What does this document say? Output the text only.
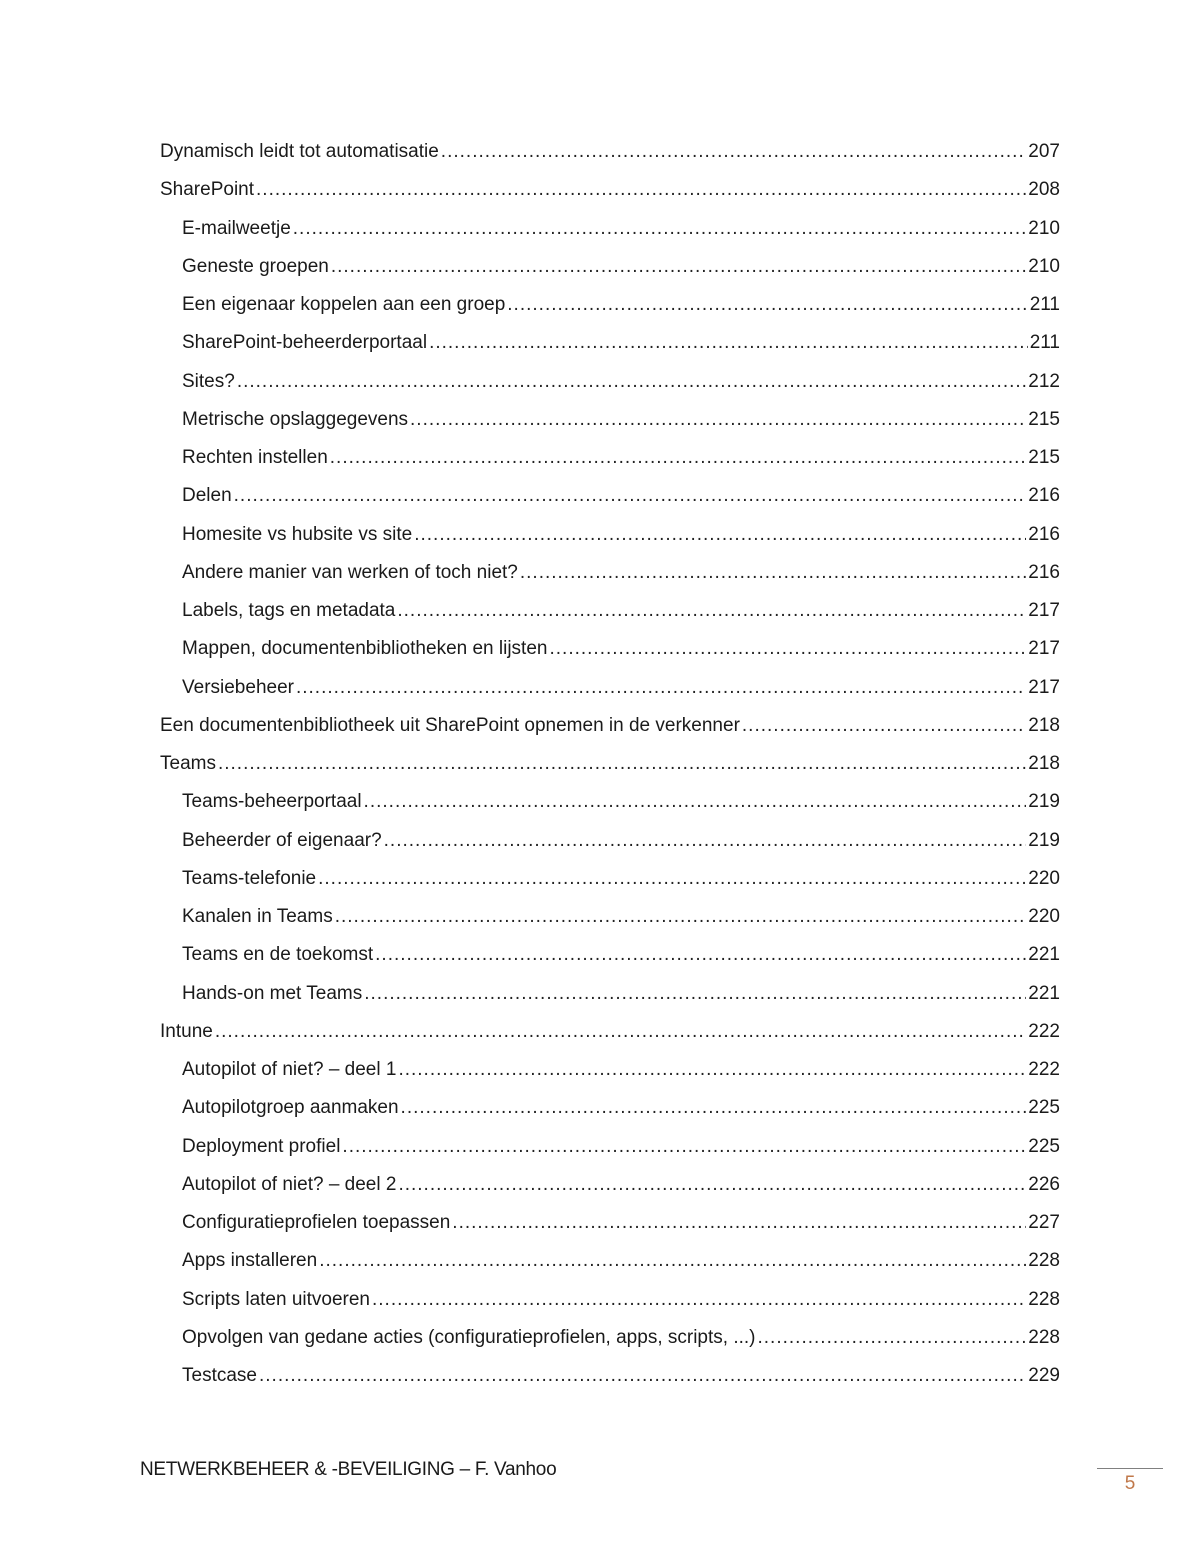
Dynamisch leidt tot automatisatie .....	207
SharePoint .....	208
E-mailweetje .....	210
Geneste groepen .....	210
Een eigenaar koppelen aan een groep .....	211
SharePoint-beheerderportaal .....	211
Sites? .....	212
Metrische opslaggegevens .....	215
Rechten instellen .....	215
Delen .....	216
Homesite vs hubsite vs site .....	216
Andere manier van werken of toch niet? .....	216
Labels, tags en metadata .....	217
Mappen, documentenbibliotheken en lijsten .....	217
Versiebeheer .....	217
Een documentenbibliotheek uit SharePoint opnemen in de verkenner .....	218
Teams .....	218
Teams-beheerportaal .....	219
Beheerder of eigenaar? .....	219
Teams-telefonie .....	220
Kanalen in Teams .....	220
Teams en de toekomst .....	221
Hands-on met Teams .....	221
Intune .....	222
Autopilot of niet? – deel 1 .....	222
Autopilotgroep aanmaken .....	225
Deployment profiel .....	225
Autopilot of niet? – deel 2 .....	226
Configuratieprofielen toepassen .....	227
Apps installeren .....	228
Scripts laten uitvoeren .....	228
Opvolgen van gedane acties (configuratieprofielen, apps, scripts, ...) .....	228
Testcase .....	229
NETWERKBEHEER & -BEVEILIGING – F. Vanhoo
5
